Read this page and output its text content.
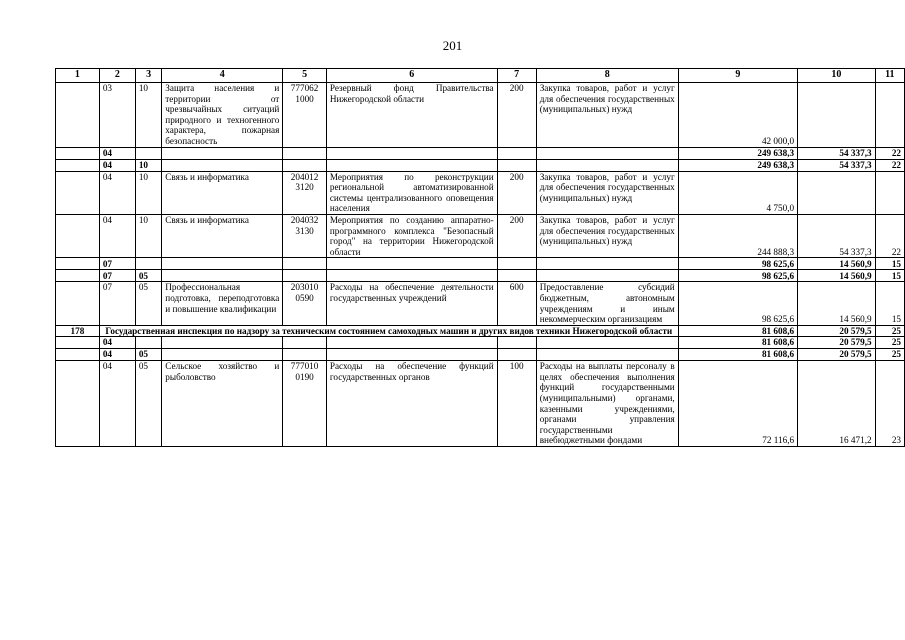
201
1	2	3	4	5	6	7	8	9	10	11
	03	10	Защита населения и территории от чрезвычайных ситуаций природного и техногенного характера, пожарная безопасность	777062 1000	Резервный фонд Правительства Нижегородской области	200	Закупка товаров, работ и услуг для обеспечения государственных (муниципальных) нужд	42 000,0		
	04							249 638,3	54 337,3	22
	04	10						249 638,3	54 337,3	22
	04	10	Связь и информатика	204012 3120	Мероприятия по реконструкции региональной автоматизированной системы централизованного оповещения населения	200	Закупка товаров, работ и услуг для обеспечения государственных (муниципальных) нужд	4 750,0		
	04	10	Связь и информатика	204032 3130	Мероприятия по созданию аппаратно-программного комплекса "Безопасный город" на территории Нижегородской области	200	Закупка товаров, работ и услуг для обеспечения государственных (муниципальных) нужд	244 888,3	54 337,3	22
	07							98 625,6	14 560,9	15
	07	05						98 625,6	14 560,9	15
	07	05	Профессиональная подготовка, переподготовка и повышение квалификации	203010 0590	Расходы на обеспечение деятельности государственных учреждений	600	Предоставление субсидий бюджетным, автономным учреждениям и иным некоммерческим организациям	98 625,6	14 560,9	15
178	Государственная инспекция по надзору за техническим состоянием самоходных машин и других видов техники Нижегородской области							81 608,6	20 579,5	25
	04							81 608,6	20 579,5	25
	04	05						81 608,6	20 579,5	25
	04	05	Сельское хозяйство и рыболовство	777010 0190	Расходы на обеспечение функций государственных органов	100	Расходы на выплаты персоналу в целях обеспечения выполнения функций государственными (муниципальными) органами, казенными учреждениями, органами управления государственными внебюджетными фондами	72 116,6	16 471,2	23
